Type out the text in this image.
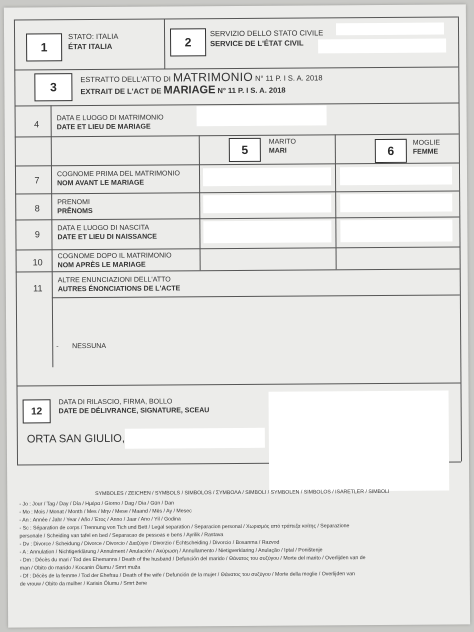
1
STATO: ITALIA
ÉTAT ITALIA	2
SERVIZIO DELLO STATO CIVILE
SERVICE DE L'ÉTAT CIVIL
3
ESTRATTO DELL'ATTO DI MATRIMONIO N° 11 P. I S. A. 2018
EXTRAIT DE L'ACT DE MARIAGE N° 11 P. I S. A. 2018
4
DATA E LUOGO DI MATRIMONIO
DATE ET LIEU DE MARIAGE
5
MARITO
MARI	6
MOGLIE
FEMME
7
COGNOME PRIMA DEL MATRIMONIO
NOM AVANT LE MARIAGE
8
PRENOMI
PRÊNOMS
9
DATA E LUOGO DI NASCITA
DATE ET LIEU DI NAISSANCE
10
COGNOME DOPO IL MATRIMONIO
NOM APRÈS LE MARIAGE
11
ALTRE ENUNCIAZIONI DELL'ATTO
AUTRES ÉNONCIATIONS DE L'ACTE
-       NESSUNA
12
DATA DI RILASCIO, FIRMA, BOLLO
DATE DE DÉLIVRANCE, SIGNATURE, SCEAU
ORTA SAN GIULIO,
SYMBOLES / ZEICHEN / SYMBOLS / SIMBOLOS / ΣΥΜΒΟΛΑ / SIMBOLI / SYMBOLEN / SIMBOLOS / ISARETLER / SIMBOLI
- Jo : Jour / Tag / Day / Día / Ημέρα / Giorno / Dag / Dia / Gün / Dan
- Mo : Mois / Monat / Month / Mes / Μην / Mese / Maand / Mês / Ay / Mesec
- An : Année / Jahr / Year / Año / Έτος / Anno / Jaar / Ano / Yil / Godina
- Sc : Séparation de corps / Trennung von Tich und Bett / Legal separation / Separacion personal / Χωρισμός από τράπεζα κοίτης / Separazione
personale / Scheiding van tafel en bed / Separacao de pessoas e bens / Ayrilik / Rastava
- Dv : Divorce / Scheidung / Divorce / Divorcio / Διαζύγιο / Divorzio / Echtscheiding / Divorcio / Bosanma / Razvod
- A : Annulation / Nichtigerklärung / Annulment / Anulación / Ακύρωση / Annullamento / Nietigverklaring / Anulação / Iptal / Poništenje
- Dm : Décès du mari / Tod des Ehemanns / Death of the husband / Defunción del marido / Θάνατος του συζύγου / Morte del marito / Overlijden van de
man / Obito do marido / Kocanin Ölumu / Smrt muža
- Df : Décès de la femme / Tod der Ehefrau / Death of the wife / Defunción de la mujer / Θάνατος του συζύγου / Morte della moglie / Overlijden van
de vrouw / Obito da mulher / Karisin Ölumu / Smrt žene
